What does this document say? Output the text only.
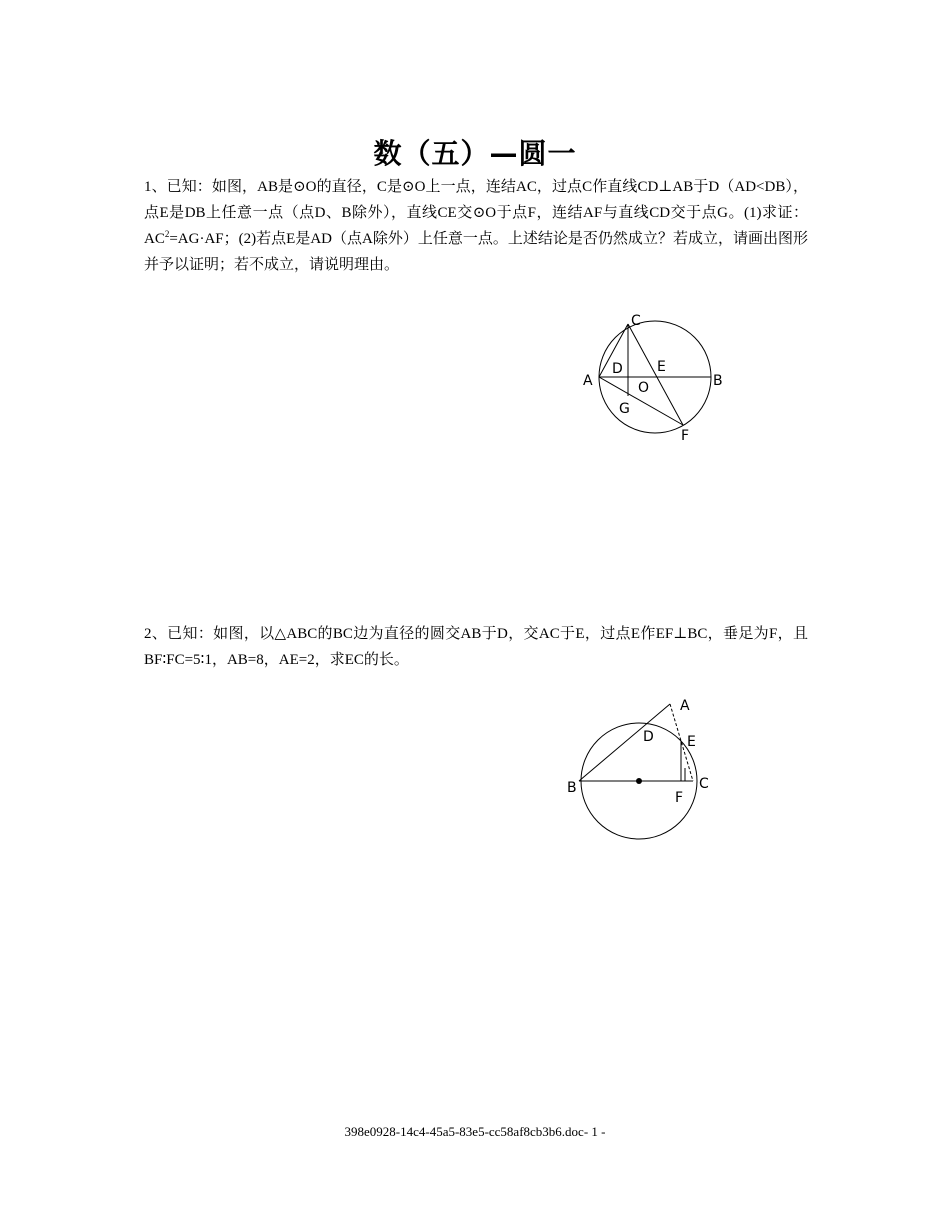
数（五）—圆一
1、已知：如图，AB是⊙O的直径，C是⊙O上一点，连结AC，过点C作直线CD⊥AB于D（AD<DB），点E是DB上任意一点（点D、B除外），直线CE交⊙O于点F，连结AF与直线CD交于点G。(1)求证：$AC^2=AG\cdot AF$；(2)若点E是AD（点A除外）上任意一点。上述结论是否仍然成立？若成立，请画出图形并予以证明；若不成立，请说明理由。
C
D E
A	O	B
G
F
2、已知：如图，以△ABC的BC边为直径的圆交AB于D，交AC于E，过点E作EF⊥BC，垂足为F，且BF∶FC=5∶1，AB=8，AE=2，求EC的长。
A
D E
B	C
F
398e0928-14c4-45a5-83e5-cc58af8cb3b6.doc- 1 -
